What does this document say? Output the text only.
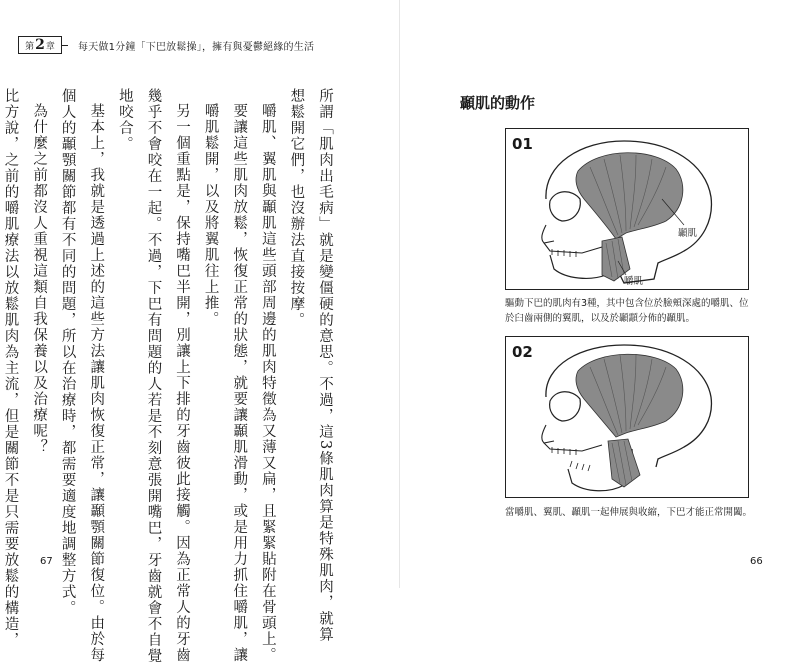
第 2 章 每天做1分鐘「下巴放鬆操」，擁有與憂鬱絕緣的生活

所謂「肌肉出毛病」就是變僵硬的意思。不過，這3條肌肉算是特殊肌肉，就算

想鬆開它們，也沒辦法直接按摩。

嚼肌、翼肌與顳肌這些頭部周邊的肌肉特徵為又薄又扁，且緊緊貼附在骨頭上。

要讓這些肌肉放鬆，恢復正常的狀態，就要讓顳肌滑動，或是用力抓住嚼肌，讓

嚼肌鬆開，以及將翼肌往上推。

另一個重點是，保持嘴巴半開，別讓上下排的牙齒彼此接觸。因為正常人的牙齒

幾乎不會咬在一起。不過，下巴有問題的人若是不刻意張開嘴巴，牙齒就會不自覺

地咬合。

基本上，我就是透過上述的這些方法讓肌肉恢復正常，讓顳顎關節復位。由於每

個人的顳顎關節都有不同的問題，所以在治療時，都需要適度地調整方式。

為什麼之前都沒人重視這類自我保養以及治療呢？

比方說，之前的嚼肌療法以放鬆肌肉為主流，但是關節不是只需要放鬆的構造，	67
顳肌的動作
01
顳肌
嚼肌
驅動下巴的肌肉有3種，其中包含位於臉頰深處的嚼肌、位於臼齒兩側的翼肌，以及於顳顬分佈的顳肌。
02
當嚼肌、翼肌、顳肌一起伸展與收縮，下巴才能正常開闔。
66
